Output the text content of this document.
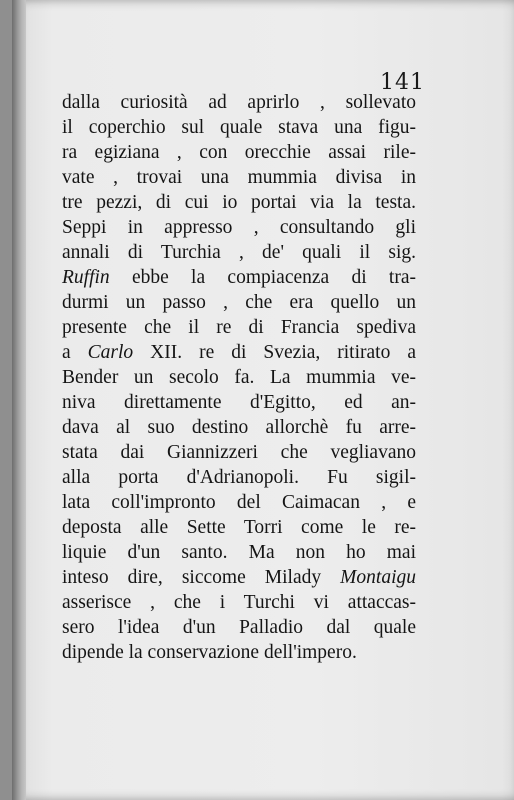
141
dalla curiosità ad aprirlo , sollevato
il coperchio sul quale stava una figu-
ra egiziana , con orecchie assai rile-
vate , trovai una mummia divisa in
tre pezzi, di cui io portai via la testa.
Seppi in appresso , consultando gli
annali di Turchia , de' quali il sig.
Ruffin ebbe la compiacenza di tra-
durmi un passo , che era quello un
presente che il re di Francia spediva
a Carlo XII. re di Svezia, ritirato a
Bender un secolo fa. La mummia ve-
niva direttamente d'Egitto, ed an-
dava al suo destino allorchè fu arre-
stata dai Giannizzeri che vegliavano
alla porta d'Adrianopoli. Fu sigil-
lata coll'impronto del Caimacan , e
deposta alle Sette Torri come le re-
liquie d'un santo. Ma non ho mai
inteso dire, siccome Milady Montaigu
asserisce , che i Turchi vi attaccas-
sero l'idea d'un Palladio dal quale
dipende la conservazione dell'impero.
